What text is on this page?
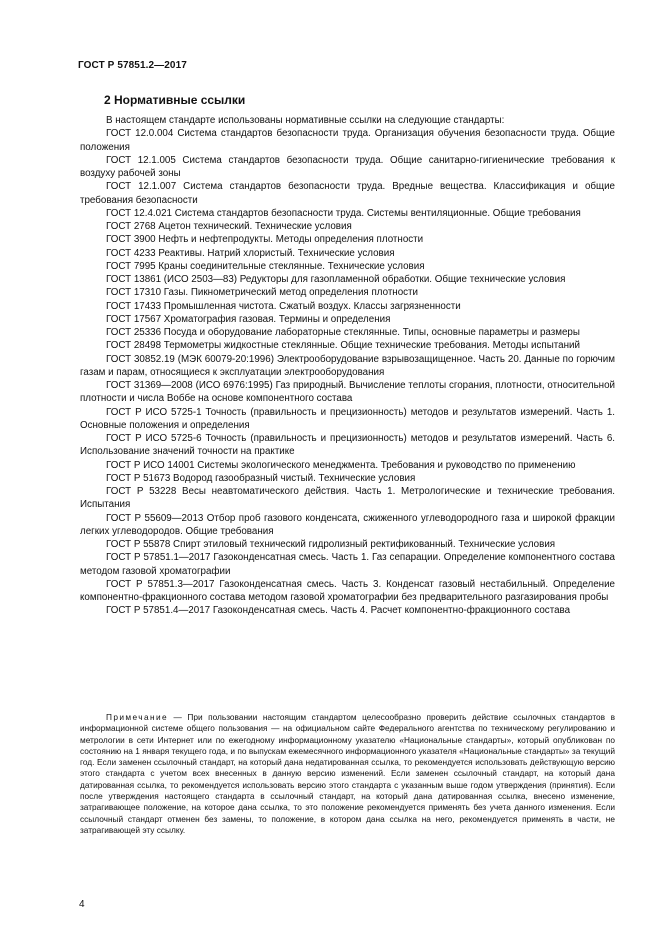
ГОСТ Р 57851.2—2017
2 Нормативные ссылки

В настоящем стандарте использованы нормативные ссылки на следующие стандарты:

ГОСТ 12.0.004 Система стандартов безопасности труда. Организация обучения безопасности труда. Общие положения

ГОСТ 12.1.005 Система стандартов безопасности труда. Общие санитарно-гигиенические требования к воздуху рабочей зоны

ГОСТ 12.1.007 Система стандартов безопасности труда. Вредные вещества. Классификация и общие требования безопасности

ГОСТ 12.4.021 Система стандартов безопасности труда. Системы вентиляционные. Общие требования

ГОСТ 2768 Ацетон технический. Технические условия

ГОСТ 3900 Нефть и нефтепродукты. Методы определения плотности

ГОСТ 4233 Реактивы. Натрий хлористый. Технические условия

ГОСТ 7995 Краны соединительные стеклянные. Технические условия

ГОСТ 13861 (ИСО 2503—83) Редукторы для газопламенной обработки. Общие технические условия

ГОСТ 17310 Газы. Пикнометрический метод определения плотности

ГОСТ 17433 Промышленная чистота. Сжатый воздух. Классы загрязненности

ГОСТ 17567 Хроматография газовая. Термины и определения

ГОСТ 25336 Посуда и оборудование лабораторные стеклянные. Типы, основные параметры и размеры

ГОСТ 28498 Термометры жидкостные стеклянные. Общие технические требования. Методы испытаний

ГОСТ 30852.19 (МЭК 60079-20:1996) Электрооборудование взрывозащищенное. Часть 20. Данные по горючим газам и парам, относящиеся к эксплуатации электрооборудования

ГОСТ 31369—2008 (ИСО 6976:1995) Газ природный. Вычисление теплоты сгорания, плотности, относительной плотности и числа Воббе на основе компонентного состава

ГОСТ Р ИСО 5725-1 Точность (правильность и прецизионность) методов и результатов измерений. Часть 1. Основные положения и определения

ГОСТ Р ИСО 5725-6 Точность (правильность и прецизионность) методов и результатов измерений. Часть 6. Использование значений точности на практике

ГОСТ Р ИСО 14001 Системы экологического менеджмента. Требования и руководство по применению

ГОСТ Р 51673 Водород газообразный чистый. Технические условия

ГОСТ Р 53228 Весы неавтоматического действия. Часть 1. Метрологические и технические требования. Испытания

ГОСТ Р 55609—2013 Отбор проб газового конденсата, сжиженного углеводородного газа и широкой фракции легких углеводородов. Общие требования

ГОСТ Р 55878 Спирт этиловый технический гидролизный ректификованный. Технические условия

ГОСТ Р 57851.1—2017 Газоконденсатная смесь. Часть 1. Газ сепарации. Определение компонентного состава методом газовой хроматографии

ГОСТ Р 57851.3—2017 Газоконденсатная смесь. Часть 3. Конденсат газовый нестабильный. Определение компонентно-фракционного состава методом газовой хроматографии без предварительного разгазирования пробы

ГОСТ Р 57851.4—2017 Газоконденсатная смесь. Часть 4. Расчет компонентно-фракционного состава

Примечание — При пользовании настоящим стандартом целесообразно проверить действие ссылочных стандартов в информационной системе общего пользования — на официальном сайте Федерального агентства по техническому регулированию и метрологии в сети Интернет или по ежегодному информационному указателю «Национальные стандарты», который опубликован по состоянию на 1 января текущего года, и по выпускам ежемесячного информационного указателя «Национальные стандарты» за текущий год. Если заменен ссылочный стандарт, на который дана недатированная ссылка, то рекомендуется использовать действующую версию этого стандарта с учетом всех внесенных в данную версию изменений. Если заменен ссылочный стандарт, на который дана датированная ссылка, то рекомендуется использовать версию этого стандарта с указанным выше годом утверждения (принятия). Если после утверждения настоящего стандарта в ссылочный стандарт, на который дана датированная ссылка, внесено изменение, затрагивающее положение, на которое дана ссылка, то это положение рекомендуется применять без учета данного изменения. Если ссылочный стандарт отменен без замены, то положение, в котором дана ссылка на него, рекомендуется применять в части, не затрагивающей эту ссылку.

4
